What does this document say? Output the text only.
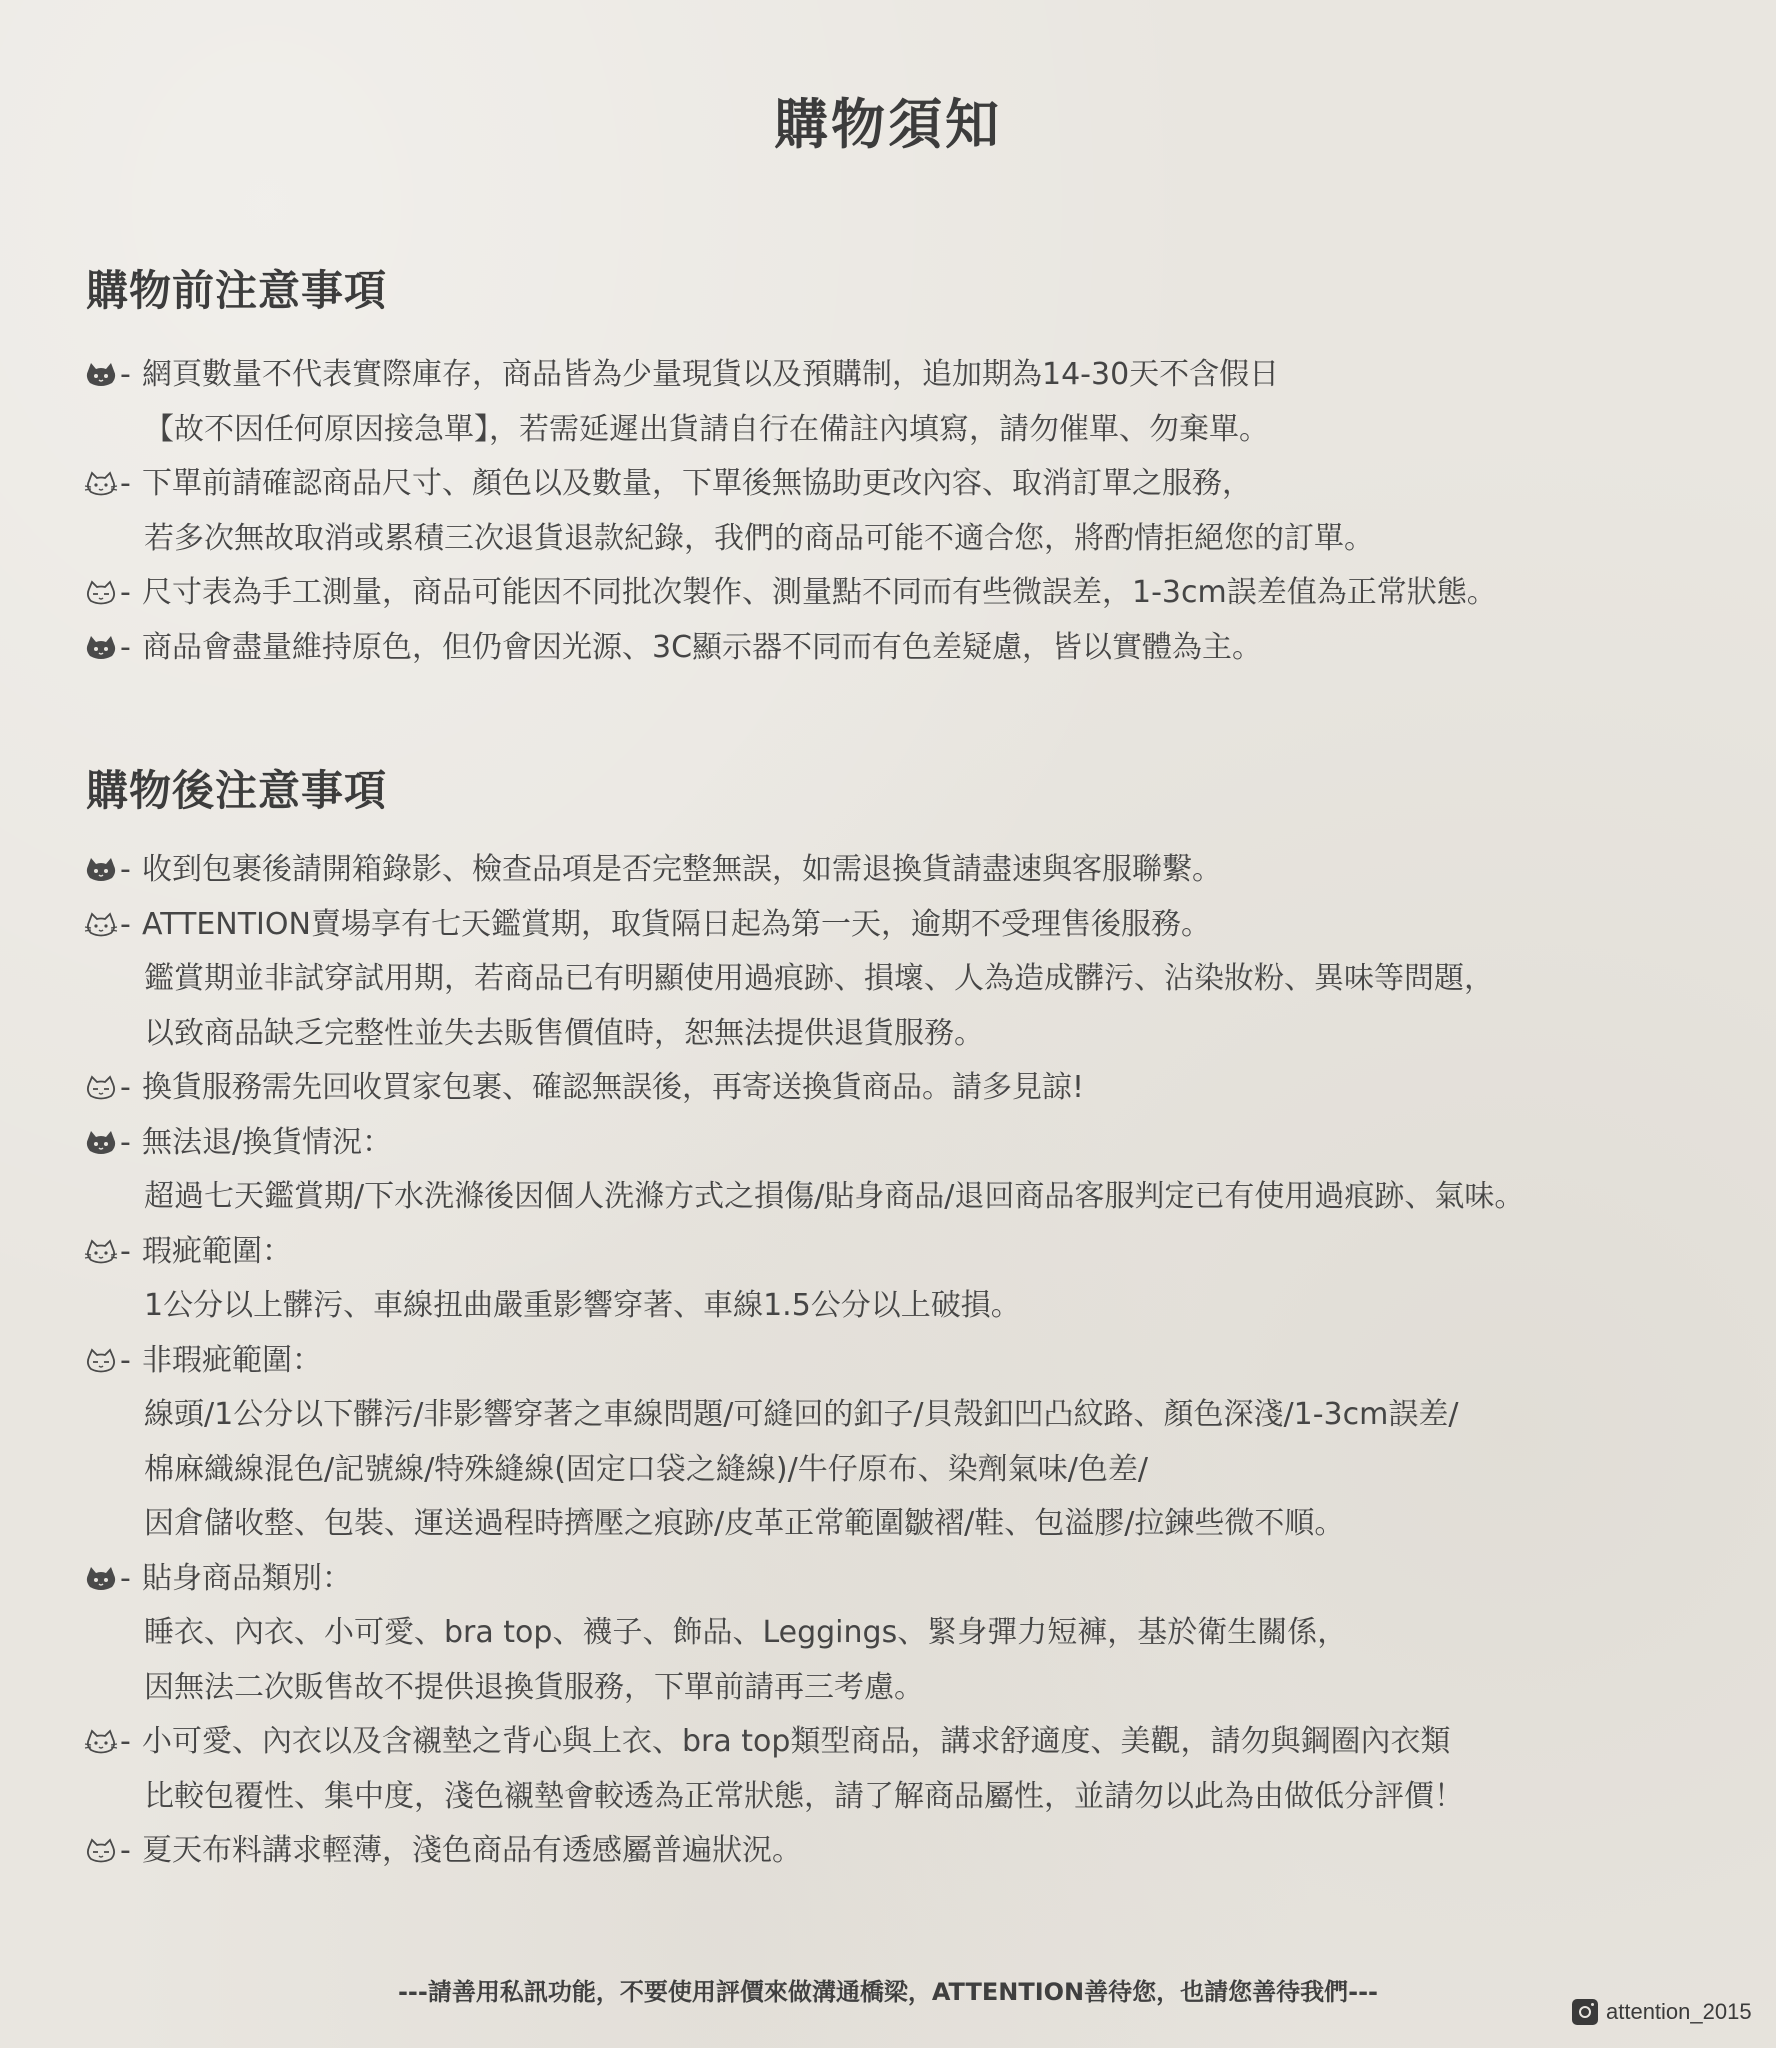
購物須知
購物前注意事項
- 網頁數量不代表實際庫存，商品皆為少量現貨以及預購制，追加期為14-30天不含假日
【故不因任何原因接急單】，若需延遲出貨請自行在備註內填寫，請勿催單、勿棄單。
- 下單前請確認商品尺寸、顏色以及數量，下單後無協助更改內容、取消訂單之服務，
若多次無故取消或累積三次退貨退款紀錄，我們的商品可能不適合您，將酌情拒絕您的訂單。
- 尺寸表為手工測量，商品可能因不同批次製作、測量點不同而有些微誤差，1-3cm誤差值為正常狀態。
- 商品會盡量維持原色，但仍會因光源、3C顯示器不同而有色差疑慮，皆以實體為主。
購物後注意事項
- 收到包裹後請開箱錄影、檢查品項是否完整無誤，如需退換貨請盡速與客服聯繫。
- ATTENTION賣場享有七天鑑賞期，取貨隔日起為第一天，逾期不受理售後服務。
鑑賞期並非試穿試用期，若商品已有明顯使用過痕跡、損壞、人為造成髒污、沾染妝粉、異味等問題，
以致商品缺乏完整性並失去販售價值時，恕無法提供退貨服務。
- 換貨服務需先回收買家包裹、確認無誤後，再寄送換貨商品。請多見諒!
- 無法退/換貨情況：
超過七天鑑賞期/下水洗滌後因個人洗滌方式之損傷/貼身商品/退回商品客服判定已有使用過痕跡、氣味。
- 瑕疵範圍：
1公分以上髒污、車線扭曲嚴重影響穿著、車線1.5公分以上破損。
- 非瑕疵範圍：
線頭/1公分以下髒污/非影響穿著之車線問題/可縫回的釦子/貝殼釦凹凸紋路、顏色深淺/1-3cm誤差/
棉麻織線混色/記號線/特殊縫線(固定口袋之縫線)/牛仔原布、染劑氣味/色差/
因倉儲收整、包裝、運送過程時擠壓之痕跡/皮革正常範圍皺褶/鞋、包溢膠/拉鍊些微不順。
- 貼身商品類別：
睡衣、內衣、小可愛、bra top、襪子、飾品、Leggings、緊身彈力短褲，基於衛生關係，
因無法二次販售故不提供退換貨服務，下單前請再三考慮。
- 小可愛、內衣以及含襯墊之背心與上衣、bra top類型商品，講求舒適度、美觀，請勿與鋼圈內衣類
比較包覆性、集中度，淺色襯墊會較透為正常狀態，請了解商品屬性，並請勿以此為由做低分評價！
- 夏天布料講求輕薄，淺色商品有透感屬普遍狀況。
---請善用私訊功能，不要使用評價來做溝通橋梁，ATTENTION善待您，也請您善待我們---
attention_2015
